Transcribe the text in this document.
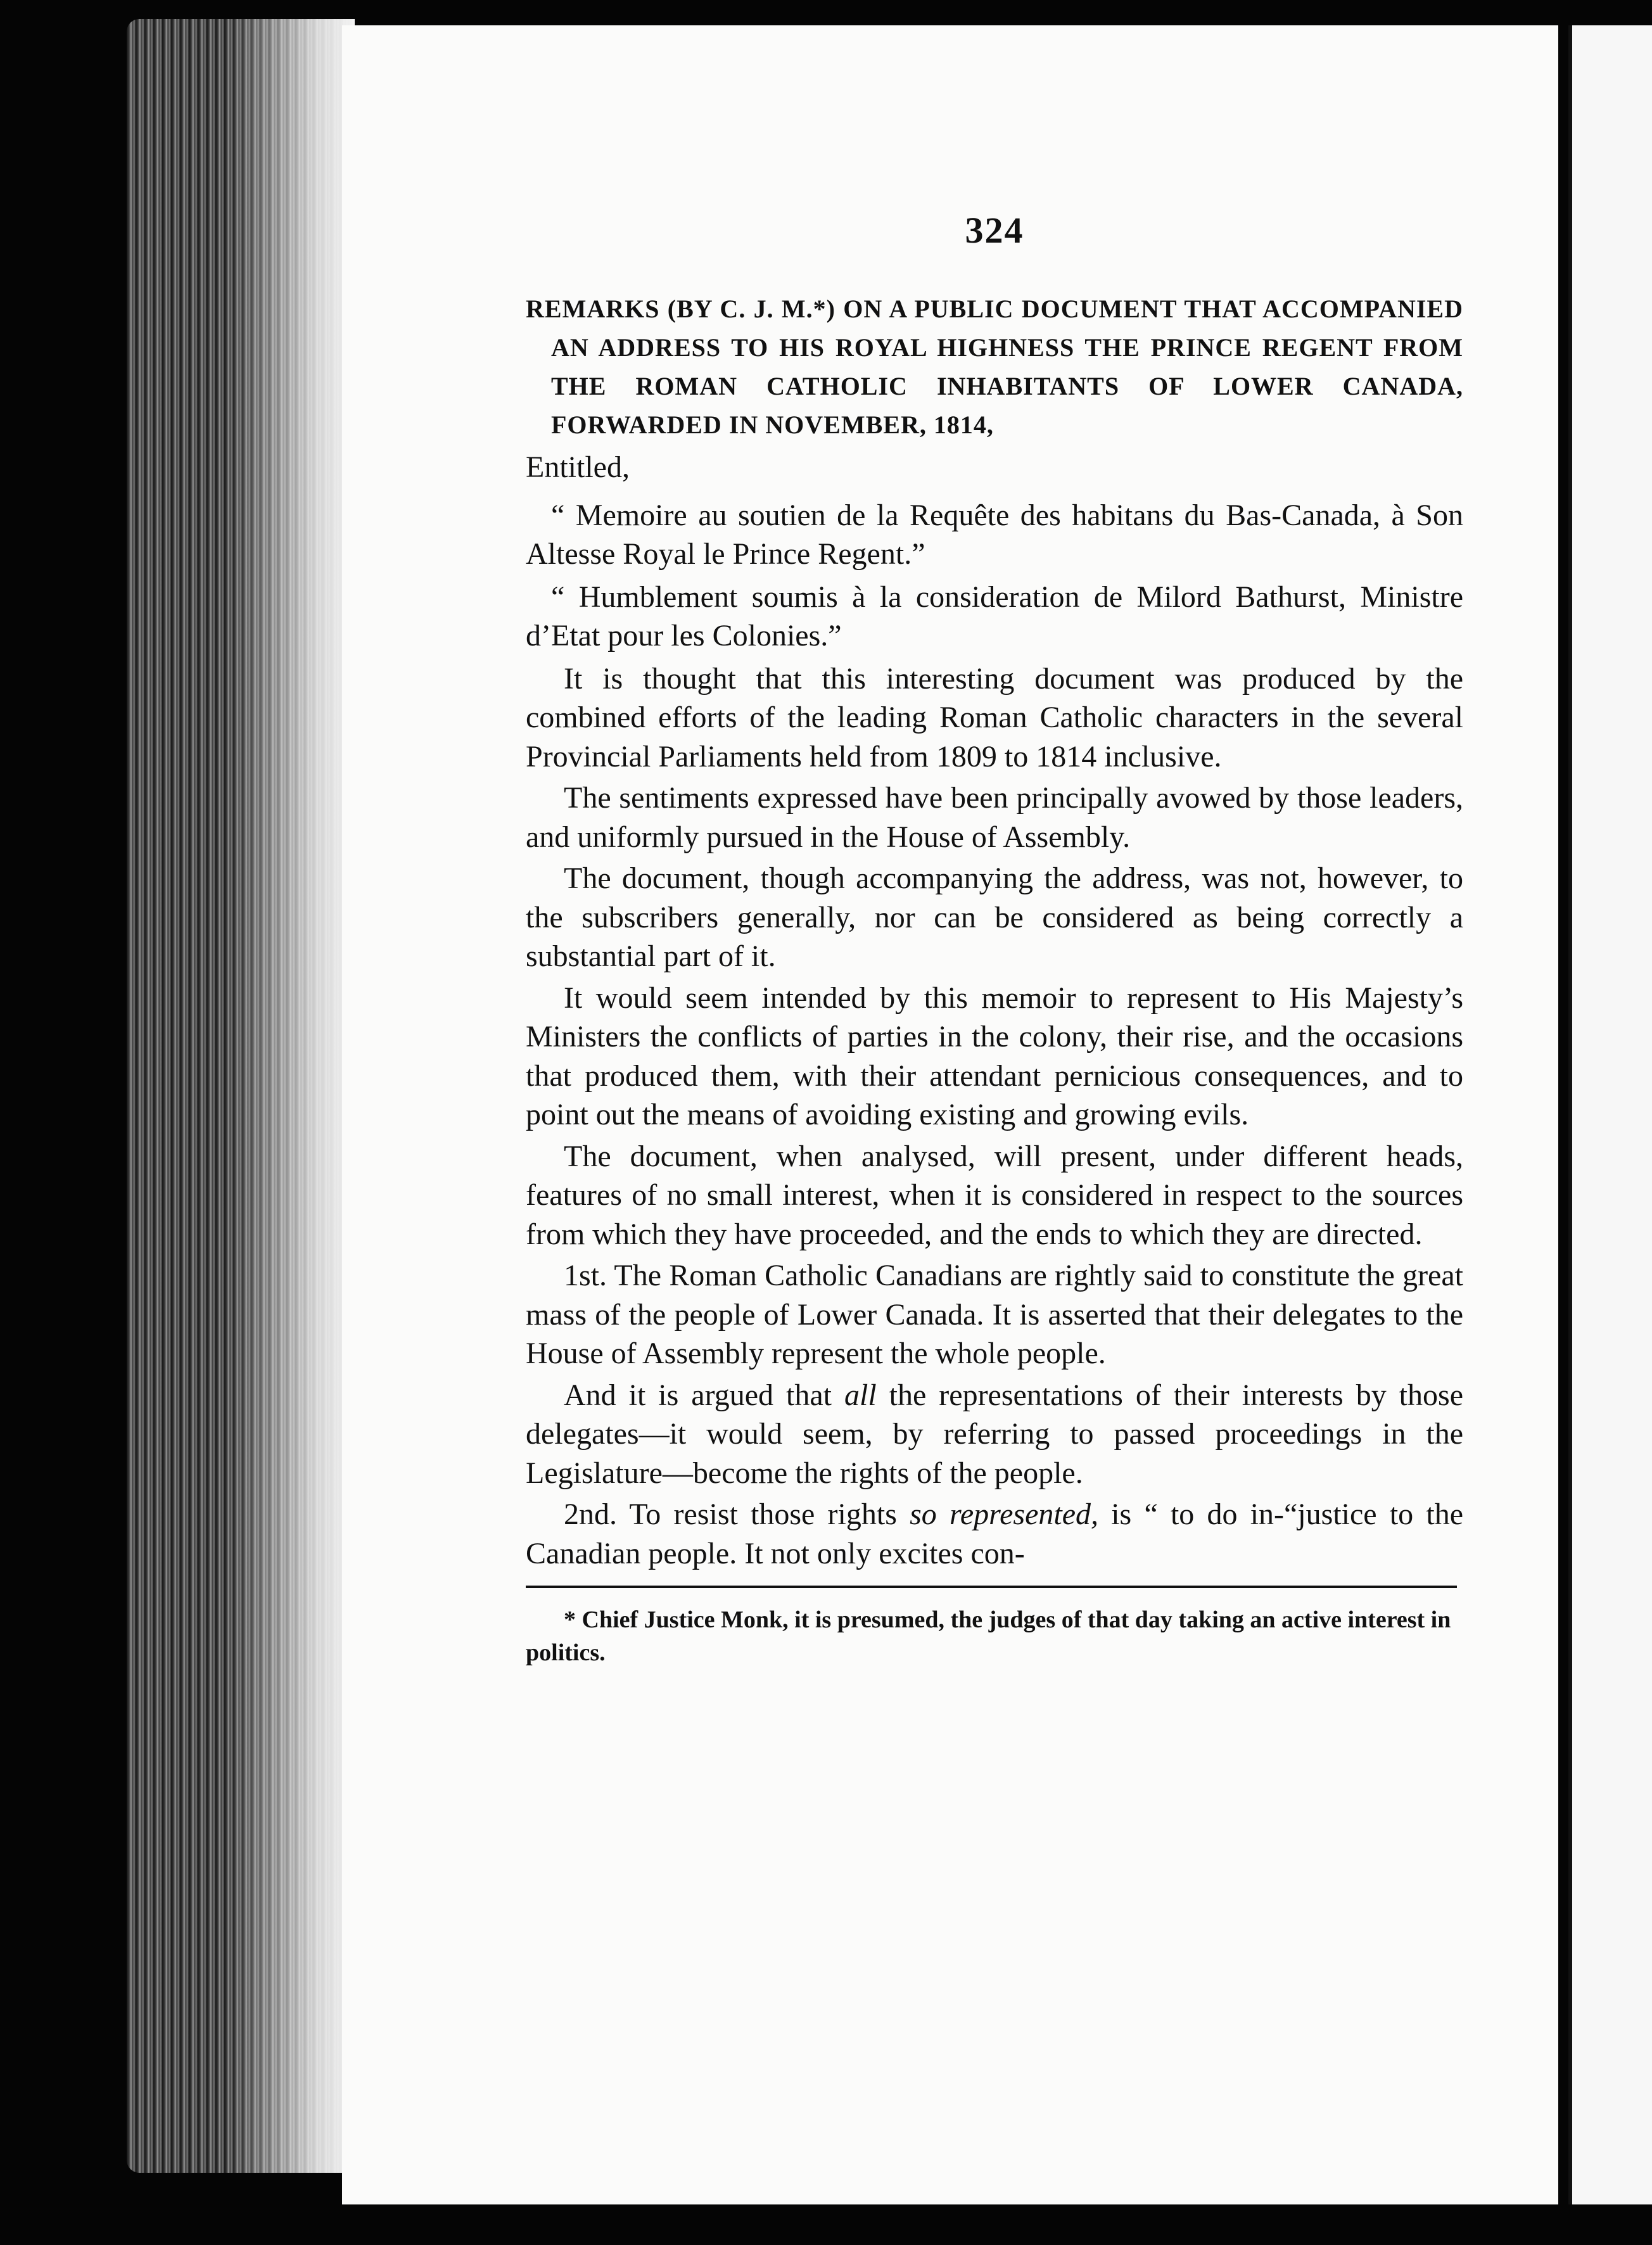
324

REMARKS (BY C. J. M.*) ON A PUBLIC DOCUMENT THAT ACCOMPANIED AN ADDRESS TO HIS ROYAL HIGHNESS THE PRINCE REGENT FROM THE ROMAN CATHOLIC INHABITANTS OF LOWER CANADA, FORWARDED IN NOVEMBER, 1814,

Entitled,

“ Memoire au soutien de la Requête des habitans du Bas-Canada, à Son Altesse Royal le Prince Regent.”

“ Humblement soumis à la consideration de Milord Bathurst, Ministre d’Etat pour les Colonies.”

It is thought that this interesting document was produced by the combined efforts of the leading Roman Catholic characters in the several Provincial Parliaments held from 1809 to 1814 inclusive.

The sentiments expressed have been principally avowed by those leaders, and uniformly pursued in the House of Assembly.

The document, though accompanying the address, was not, however, to the subscribers generally, nor can be considered as being correctly a substantial part of it.

It would seem intended by this memoir to represent to His Majesty’s Ministers the conflicts of parties in the colony, their rise, and the occasions that produced them, with their attendant pernicious consequences, and to point out the means of avoiding existing and growing evils.

The document, when analysed, will present, under different heads, features of no small interest, when it is considered in respect to the sources from which they have proceeded, and the ends to which they are directed.

1st. The Roman Catholic Canadians are rightly said to constitute the great mass of the people of Lower Canada. It is asserted that their delegates to the House of Assembly represent the whole people.

And it is argued that all the representations of their interests by those delegates—it would seem, by referring to passed proceedings in the Legislature—become the rights of the people.

2nd. To resist those rights so represented, is “ to do in-“justice to the Canadian people. It not only excites con-

* Chief Justice Monk, it is presumed, the judges of that day taking an active interest in politics.
